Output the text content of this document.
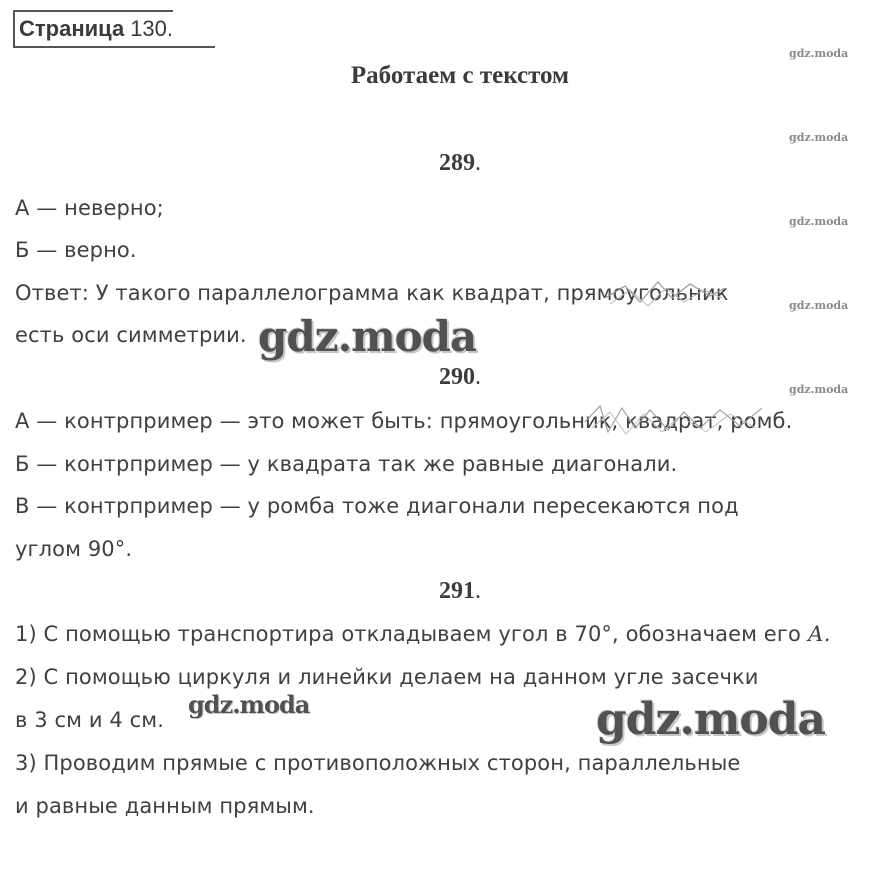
Страница 130.
Работаем с текстом
289.
А — неверно;
Б — верно.
Ответ: У такого параллелограмма как квадрат, прямоугольник
есть оси симметрии.
290.
А — контрпример — это может быть: прямоугольник, квадрат, ромб.
Б — контрпример — у квадрата так же равные диагонали.
В — контрпример — у ромба тоже диагонали пересекаются под
углом 90°.
291.
1) С помощью транспортира откладываем угол в 70°, обозначаем его А.
2) С помощью циркуля и линейки делаем на данном угле засечки
в 3 см и 4 см.
3) Проводим прямые с противоположных сторон, параллельные
и равные данным прямым.
gdz.moda
gdz.moda
gdz.moda
gdz.moda
gdz.moda
gdz.moda
gdz.moda	gdz.moda
